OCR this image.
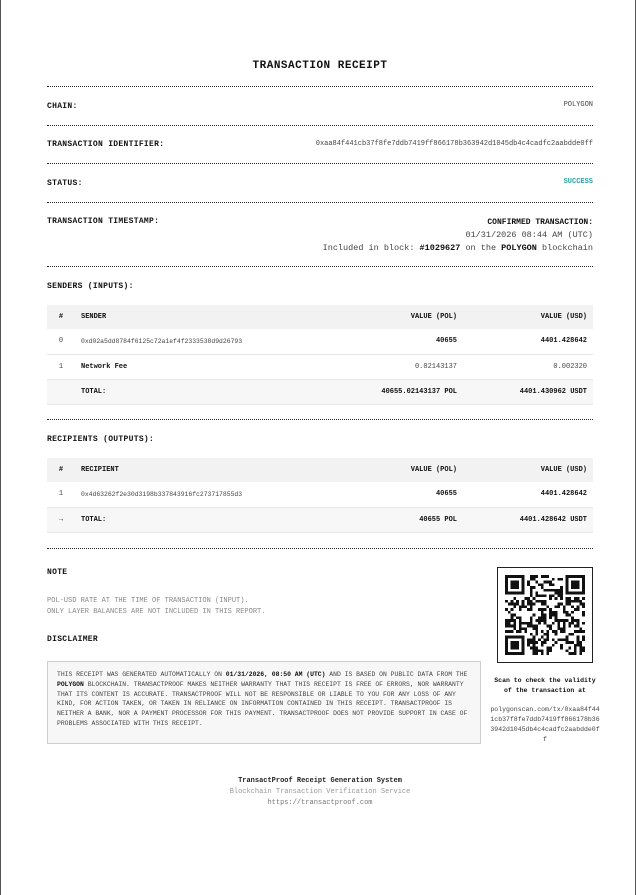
TRANSACTION RECEIPT
CHAIN:	POLYGON
TRANSACTION IDENTIFIER:	0xaa84f441cb37f8fe7ddb7419ff866178b363942d1045db4c4cadfc2aabdde0ff
STATUS:	SUCCESS
TRANSACTION TIMESTAMP:	CONFIRMED TRANSACTION:
01/31/2026 08:44 AM (UTC)
Included in block: #1029627 on the POLYGON blockchain
SENDERS (INPUTS):
#	SENDER	VALUE (POL)	VALUE (USD)
0	0xd02a5dd8784f6125c72a1ef4f2333538d9d26793	40655	4401.428642
1	Network Fee	0.02143137	0.002320
	TOTAL:	40655.02143137 POL	4401.430962 USDT
RECIPIENTS (OUTPUTS):
#	RECIPIENT	VALUE (POL)	VALUE (USD)
1	0x4d63262f2e30d3198b337843916fc273717855d3	40655	4401.428642
→	TOTAL:	40655 POL	4401.428642 USDT
NOTE
POL-USD RATE AT THE TIME OF TRANSACTION (INPUT).
ONLY LAYER BALANCES ARE NOT INCLUDED IN THIS REPORT.
DISCLAIMER
THIS RECEIPT WAS GENERATED AUTOMATICALLY ON 01/31/2026, 08:50 AM (UTC) AND IS BASED ON PUBLIC DATA FROM THE POLYGON BLOCKCHAIN. TRANSACTPROOF MAKES NEITHER WARRANTY THAT THIS RECEIPT IS FREE OF ERRORS, NOR WARRANTY THAT ITS CONTENT IS ACCURATE. TRANSACTPROOF WILL NOT BE RESPONSIBLE OR LIABLE TO YOU FOR ANY LOSS OF ANY KIND, FOR ACTION TAKEN, OR TAKEN IN RELIANCE ON INFORMATION CONTAINED IN THIS RECEIPT. TRANSACTPROOF IS NEITHER A BANK, NOR A PAYMENT PROCESSOR FOR THIS PAYMENT. TRANSACTPROOF DOES NOT PROVIDE SUPPORT IN CASE OF PROBLEMS ASSOCIATED WITH THIS RECEIPT.
Scan to check the validity of the transaction at
polygonscan.com/tx/0xaa84f441cb37f8fe7ddb7419ff866178b363942d1045db4c4cadfc2aabdde0ff
TransactProof Receipt Generation System
Blockchain Transaction Verification Service
https://transactproof.com
